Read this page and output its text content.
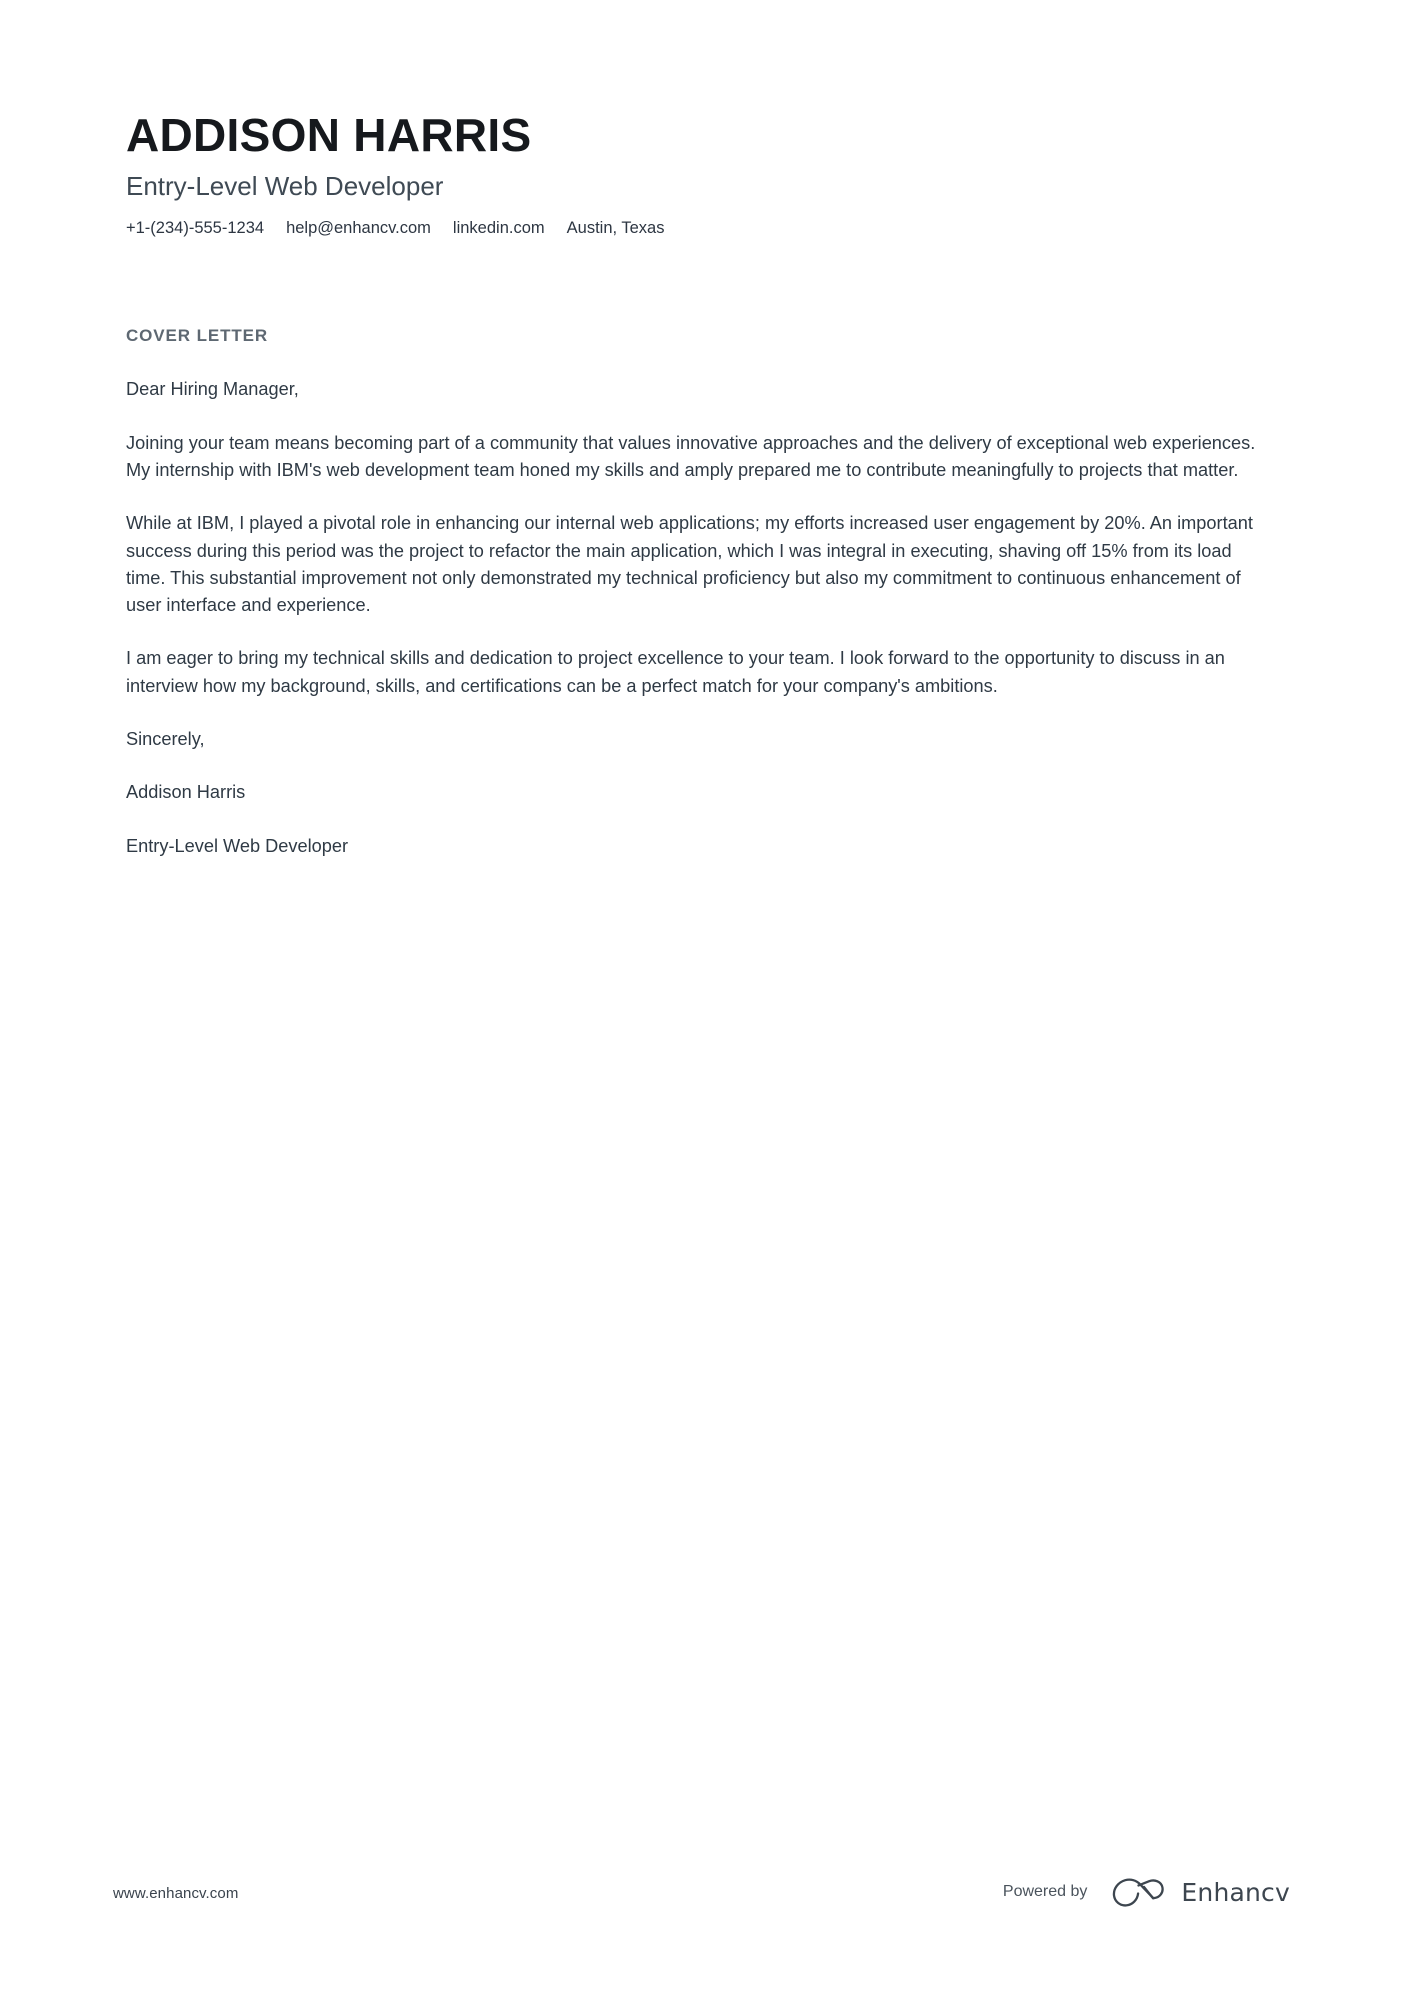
ADDISON HARRIS
Entry-Level Web Developer
+1-(234)-555-1234 help@enhancv.com linkedin.com Austin, Texas
COVER LETTER

Dear Hiring Manager,

Joining your team means becoming part of a community that values innovative approaches and the delivery of exceptional web experiences. My internship with IBM's web development team honed my skills and amply prepared me to contribute meaningfully to projects that matter.

While at IBM, I played a pivotal role in enhancing our internal web applications; my efforts increased user engagement by 20%. An important success during this period was the project to refactor the main application, which I was integral in executing, shaving off 15% from its load time. This substantial improvement not only demonstrated my technical proficiency but also my commitment to continuous enhancement of user interface and experience.

I am eager to bring my technical skills and dedication to project excellence to your team. I look forward to the opportunity to discuss in an interview how my background, skills, and certifications can be a perfect match for your company's ambitions.

Sincerely,

Addison Harris

Entry-Level Web Developer

www.enhancv.com	Powered by	Enhancv
